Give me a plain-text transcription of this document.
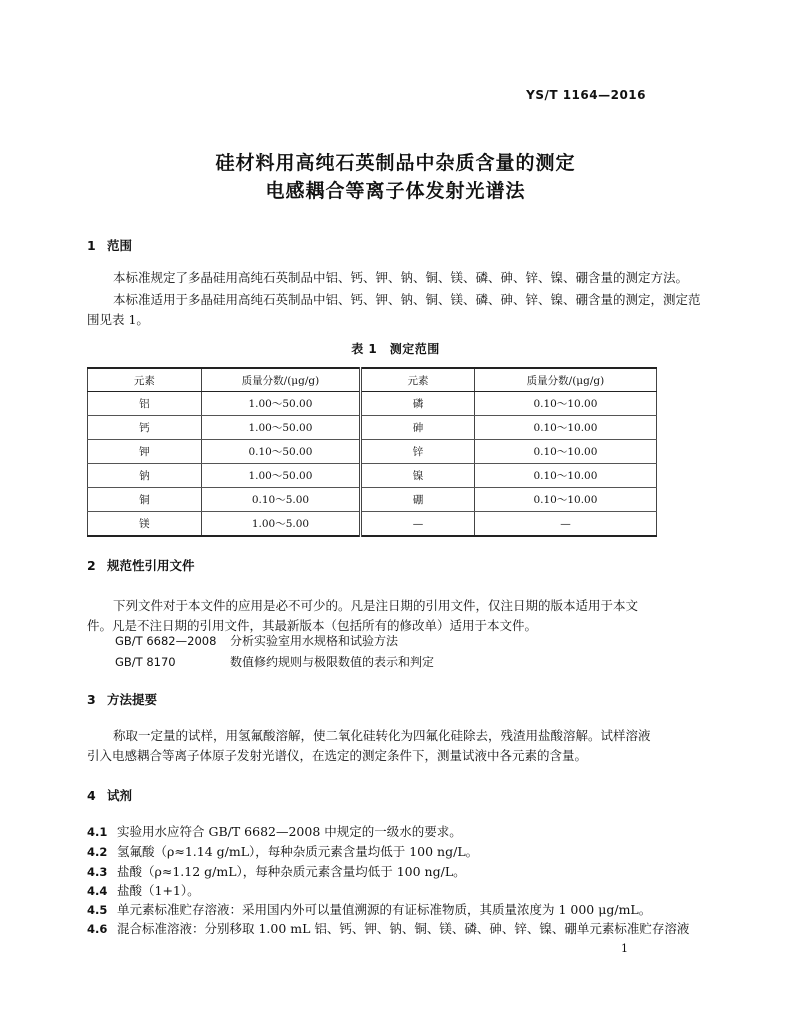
YS/T 1164—2016
硅材料用高纯石英制品中杂质含量的测定
电感耦合等离子体发射光谱法
1 范围
本标准规定了多晶硅用高纯石英制品中铝、钙、钾、钠、铜、镁、磷、砷、锌、镍、硼含量的测定方法。
本标准适用于多晶硅用高纯石英制品中铝、钙、钾、钠、铜、镁、磷、砷、锌、镍、硼含量的测定，测定范
围见表 1。
表 1　测定范围
元素	质量分数/(μg/g)	元素	质量分数/(μg/g)
铝	1.00～50.00	磷	0.10～10.00
钙	1.00～50.00	砷	0.10～10.00
钾	0.10～50.00	锌	0.10～10.00
钠	1.00～50.00	镍	0.10～10.00
铜	0.10～5.00	硼	0.10～10.00
镁	1.00～5.00	—	—
2 规范性引用文件
下列文件对于本文件的应用是必不可少的。凡是注日期的引用文件，仅注日期的版本适用于本文
件。凡是不注日期的引用文件，其最新版本（包括所有的修改单）适用于本文件。
GB/T 6682—2008 分析实验室用水规格和试验方法
GB/T 8170	数值修约规则与极限数值的表示和判定
3 方法提要
称取一定量的试样，用氢氟酸溶解，使二氧化硅转化为四氟化硅除去，残渣用盐酸溶解。试样溶液
引入电感耦合等离子体原子发射光谱仪，在选定的测定条件下，测量试液中各元素的含量。
4 试剂
4.1 实验用水应符合 GB/T 6682—2008 中规定的一级水的要求。
4.2 氢氟酸（ρ≈1.14 g/mL），每种杂质元素含量均低于 100 ng/L。
4.3 盐酸（ρ≈1.12 g/mL），每种杂质元素含量均低于 100 ng/L。
4.4 盐酸（1+1）。
4.5 单元素标准贮存溶液：采用国内外可以量值溯源的有证标准物质，其质量浓度为 1 000 μg/mL。
4.6 混合标准溶液：分别移取 1.00 mL 铝、钙、钾、钠、铜、镁、磷、砷、锌、镍、硼单元素标准贮存溶液
1
